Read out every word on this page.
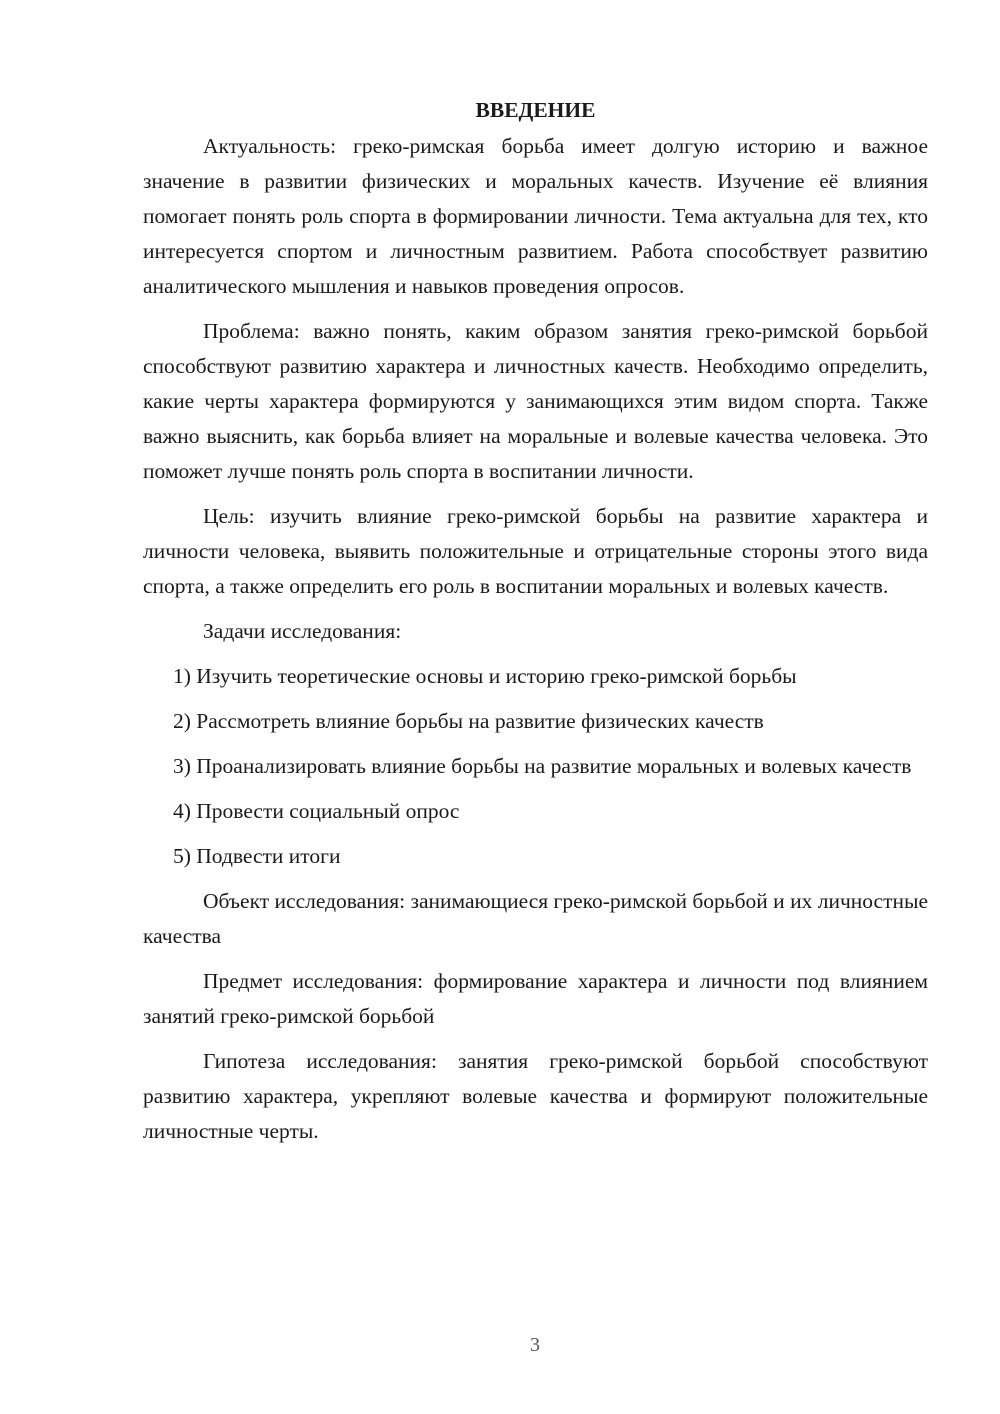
ВВЕДЕНИЕ

Актуальность: греко-римская борьба имеет долгую историю и важное значение в развитии физических и моральных качеств. Изучение её влияния помогает понять роль спорта в формировании личности. Тема актуальна для тех, кто интересуется спортом и личностным развитием. Работа способствует развитию аналитического мышления и навыков проведения опросов.

Проблема: важно понять, каким образом занятия греко-римской борьбой способствуют развитию характера и личностных качеств. Необходимо определить, какие черты характера формируются у занимающихся этим видом спорта. Также важно выяснить, как борьба влияет на моральные и волевые качества человека. Это поможет лучше понять роль спорта в воспитании личности.

Цель: изучить влияние греко-римской борьбы на развитие характера и личности человека, выявить положительные и отрицательные стороны этого вида спорта, а также определить его роль в воспитании моральных и волевых качеств.

Задачи исследования:

1) Изучить теоретические основы и историю греко-римской борьбы

2) Рассмотреть влияние борьбы на развитие физических качеств

3) Проанализировать влияние борьбы на развитие моральных и волевых качеств

4) Провести социальный опрос

5) Подвести итоги

Объект исследования: занимающиеся греко-римской борьбой и их личностные качества

Предмет исследования: формирование характера и личности под влиянием занятий греко-римской борьбой

Гипотеза исследования: занятия греко-римской борьбой способствуют развитию характера, укрепляют волевые качества и формируют положительные личностные черты.

3
